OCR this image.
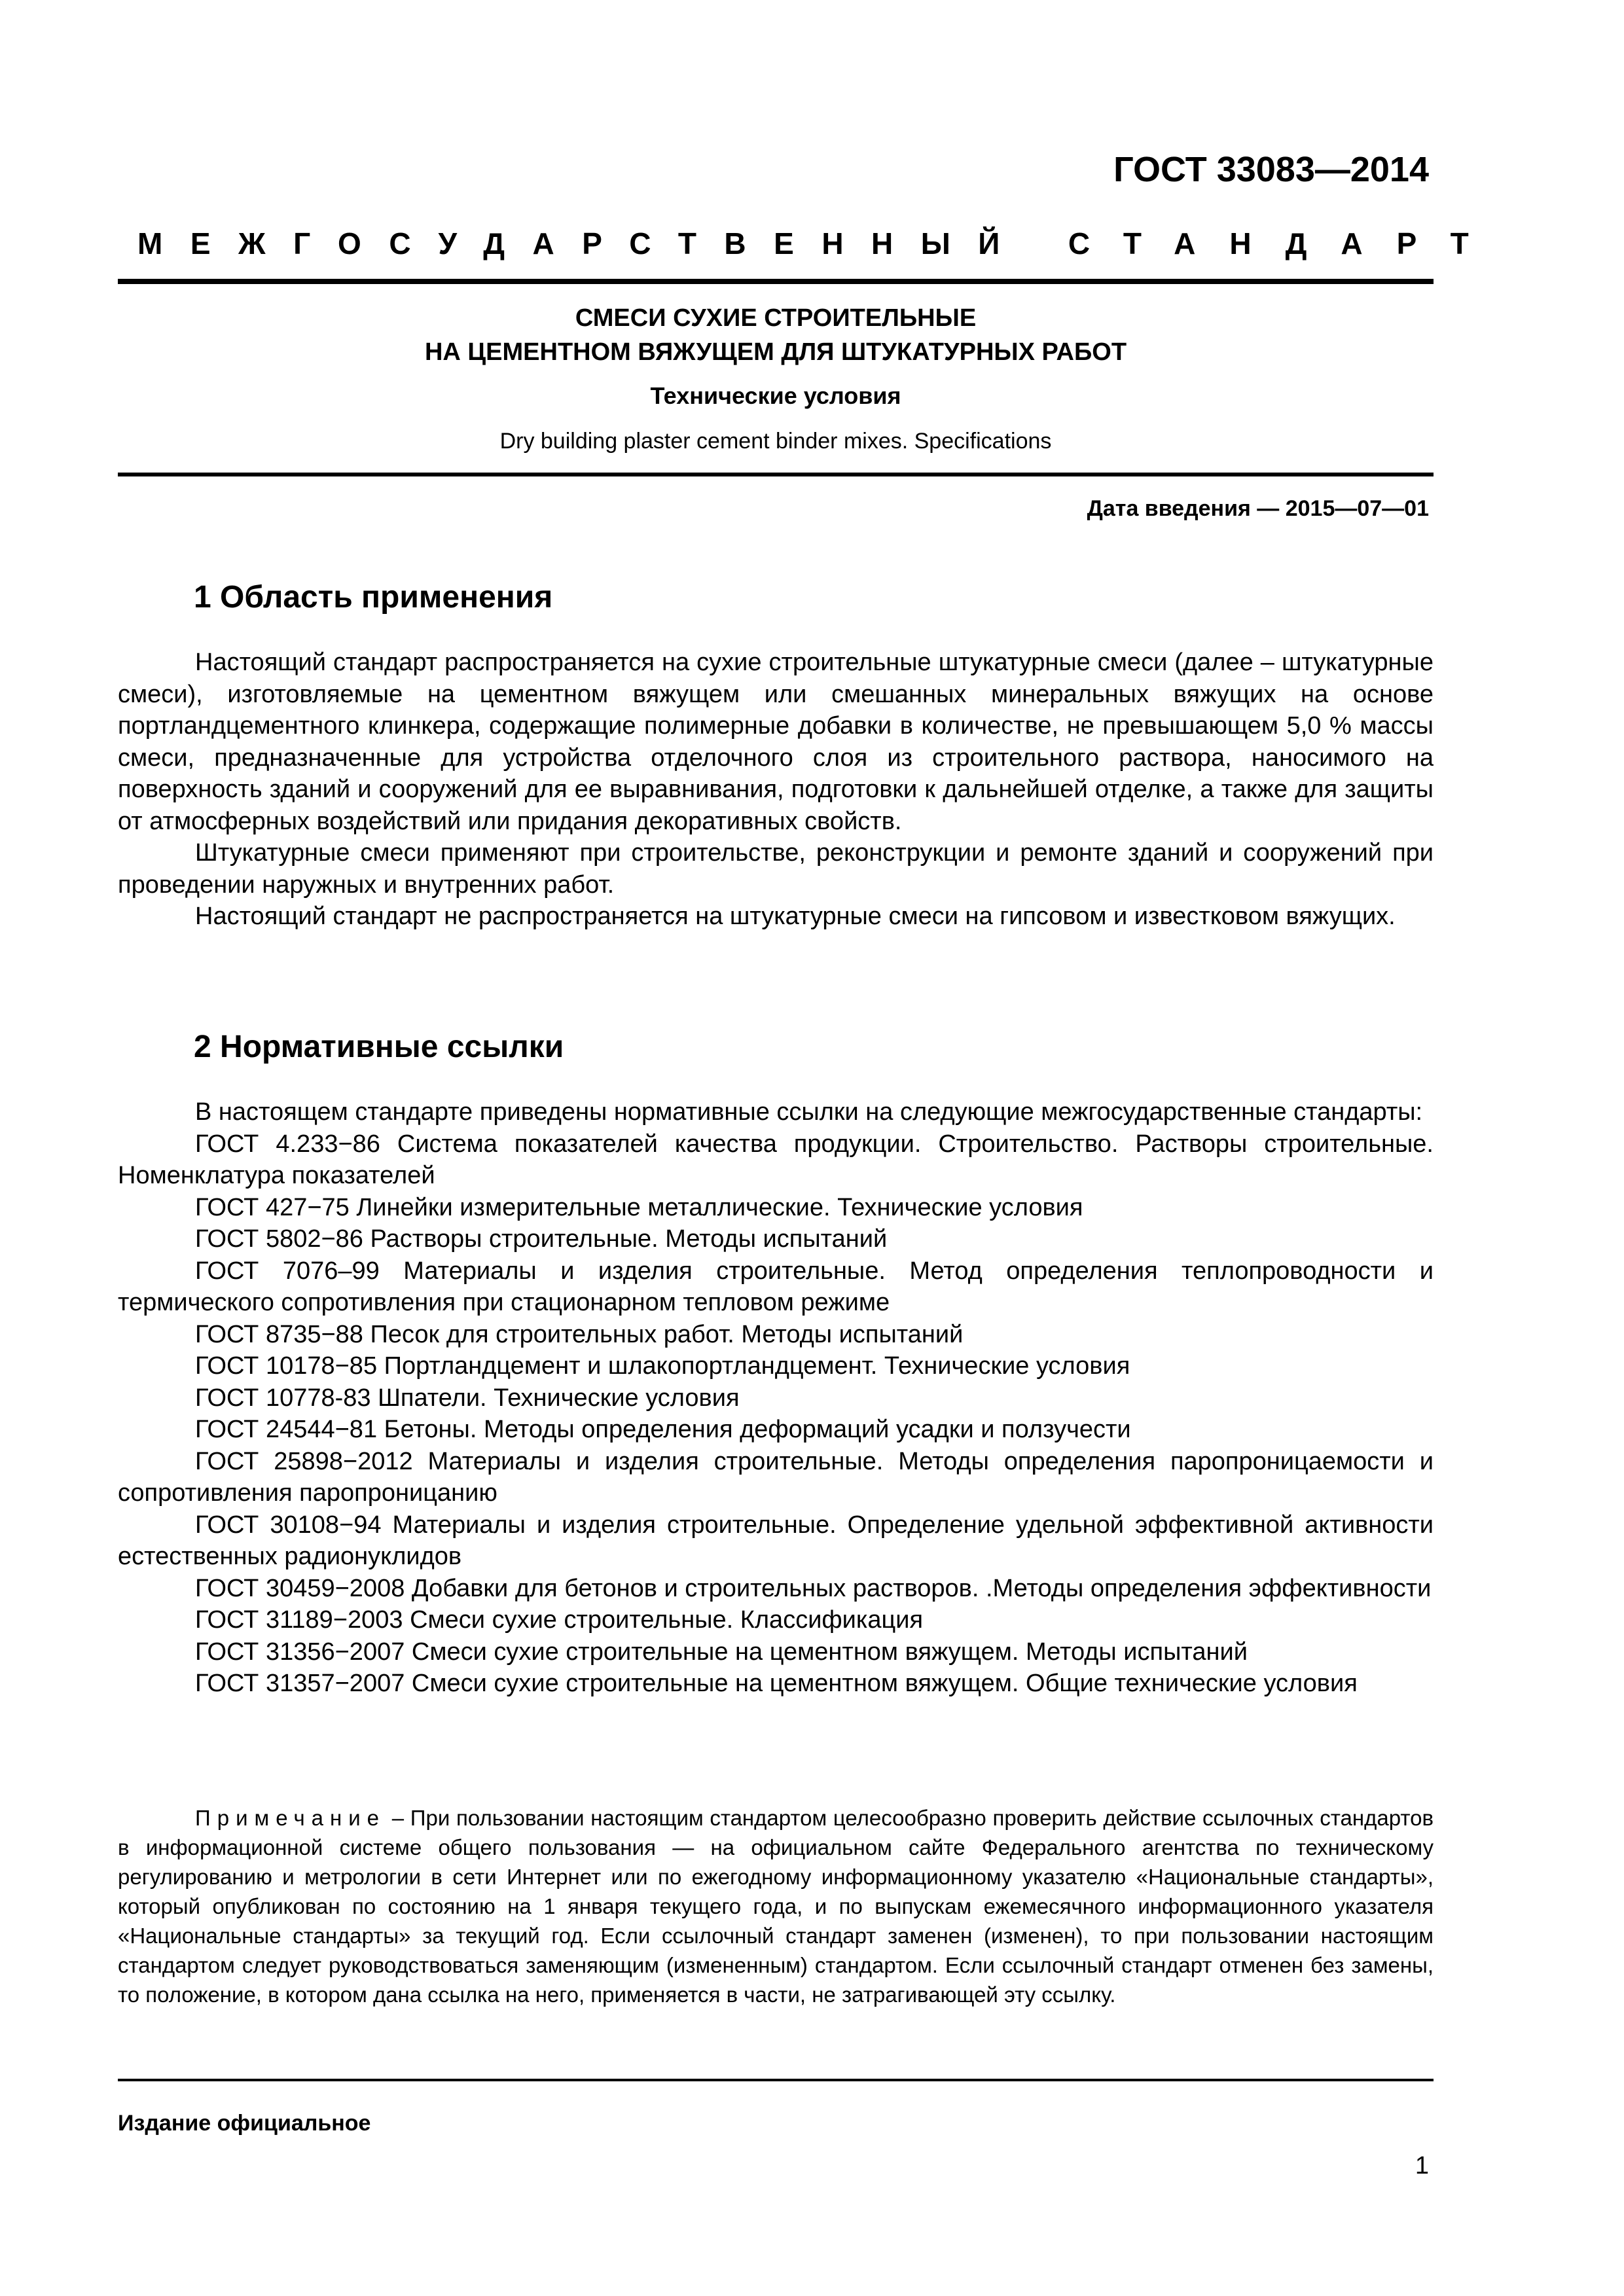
ГОСТ 33083—2014
МЕЖГОСУДАРСТВЕННЫЙ СТАНДАРТ
СМЕСИ СУХИЕ СТРОИТЕЛЬНЫЕ
НА ЦЕМЕНТНОМ ВЯЖУЩЕМ ДЛЯ ШТУКАТУРНЫХ РАБОТ
Технические условия
Dry building plaster cement binder mixes. Specifications
Дата введения — 2015—07—01
1 Область применения

Настоящий стандарт распространяется на сухие строительные штукатурные смеси (далее – штукатурные смеси), изготовляемые на цементном вяжущем или смешанных минеральных вяжущих на основе портландцементного клинкера, содержащие полимерные добавки в количестве, не превышающем 5,0 % массы смеси, предназначенные для устройства отделочного слоя из строительного раствора, наносимого на поверхность зданий и сооружений для ее выравнивания, подготовки к дальнейшей отделке, а также для защиты от атмосферных воздействий или придания декоративных свойств.

Штукатурные смеси применяют при строительстве, реконструкции и ремонте зданий и сооружений при проведении наружных и внутренних работ.

Настоящий стандарт не распространяется на штукатурные смеси на гипсовом и известковом вяжущих.

2 Нормативные ссылки

В настоящем стандарте приведены нормативные ссылки на следующие межгосударственные стандарты:

ГОСТ 4.233−86 Система показателей качества продукции. Строительство. Растворы строительные. Номенклатура показателей

ГОСТ 427−75 Линейки измерительные металлические. Технические условия

ГОСТ 5802−86 Растворы строительные. Методы испытаний

ГОСТ 7076–99 Материалы и изделия строительные. Метод определения теплопроводности и термического сопротивления при стационарном тепловом режиме

ГОСТ 8735−88 Песок для строительных работ. Методы испытаний

ГОСТ 10178−85 Портландцемент и шлакопортландцемент. Технические условия

ГОСТ 10778-83 Шпатели. Технические условия

ГОСТ 24544−81 Бетоны. Методы определения деформаций усадки и ползучести

ГОСТ 25898−2012 Материалы и изделия строительные. Методы определения паропроницаемости и сопротивления паропроницанию

ГОСТ 30108−94 Материалы и изделия строительные. Определение удельной эффективной активности естественных радионуклидов

ГОСТ 30459−2008 Добавки для бетонов и строительных растворов. .Методы определения эффективности

ГОСТ 31189−2003 Смеси сухие строительные. Классификация

ГОСТ 31356−2007 Смеси сухие строительные на цементном вяжущем. Методы испытаний

ГОСТ 31357−2007 Смеси сухие строительные на цементном вяжущем. Общие технические условия

Примечание – При пользовании настоящим стандартом целесообразно проверить действие ссылочных стандартов в информационной системе общего пользования — на официальном сайте Федерального агентства по техническому регулированию и метрологии в сети Интернет или по ежегодному информационному указателю «Национальные стандарты», который опубликован по состоянию на 1 января текущего года, и по выпускам ежемесячного информационного указателя «Национальные стандарты» за текущий год. Если ссылочный стандарт заменен (изменен), то при пользовании настоящим стандартом следует руководствоваться заменяющим (измененным) стандартом. Если ссылочный стандарт отменен без замены, то положение, в котором дана ссылка на него, применяется в части, не затрагивающей эту ссылку.

Издание официальное
1
